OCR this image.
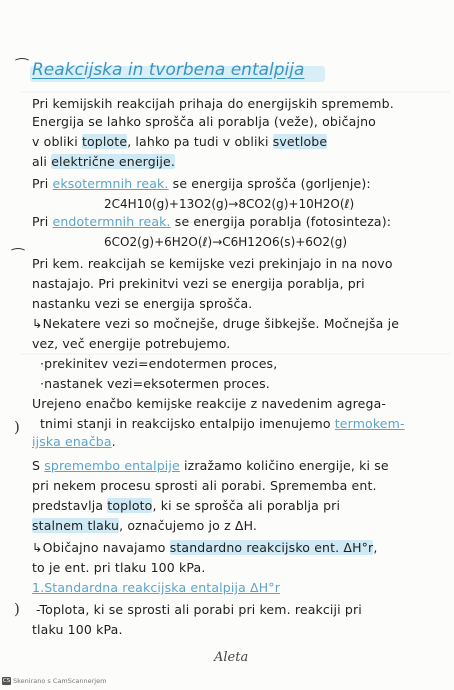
Reakcijska in tvorbena entalpija
⁀
⁀
)
)
Pri kemijskih reakcijah prihaja do energijskih sprememb.
Energija se lahko sprošča ali porablja (veže), običajno
v obliki toplote, lahko pa tudi v obliki svetlobe
ali električne energije.
Pri eksotermnih reak. se energija sprošča (gorljenje):
2C4H10(g)+13O2(g)→8CO2(g)+10H2O(ℓ)
Pri endotermnih reak. se energija porablja (fotosinteza):
6CO2(g)+6H2O(ℓ)→C6H12O6(s)+6O2(g)
Pri kem. reakcijah se kemijske vezi prekinjajo in na novo
nastajajo. Pri prekinitvi vezi se energija porablja, pri
nastanku vezi se energija sprošča.
↳Nekatere vezi so močnejše, druge šibkejše. Močnejša je
vez, več energije potrebujemo.
·prekinitev vezi=endotermen proces,
·nastanek vezi=eksotermen proces.
Urejeno enačbo kemijske reakcije z navedenim agrega-
tnimi stanji in reakcijsko entalpijo imenujemo termokem-
ijska enačba.
S spremembo entalpije izražamo količino energije, ki se
pri nekem procesu sprosti ali porabi. Sprememba ent.
predstavlja toploto, ki se sprošča ali porablja pri
stalnem tlaku, označujemo jo z ΔH.
↳Običajno navajamo standardno reakcijsko ent. ΔH°r,
to je ent. pri tlaku 100 kPa.
1.Standardna reakcijska entalpija ΔH°r
-Toplota, ki se sprosti ali porabi pri kem. reakciji pri
tlaku 100 kPa.
Aleta
CS Skenirano s CamScannerjem
